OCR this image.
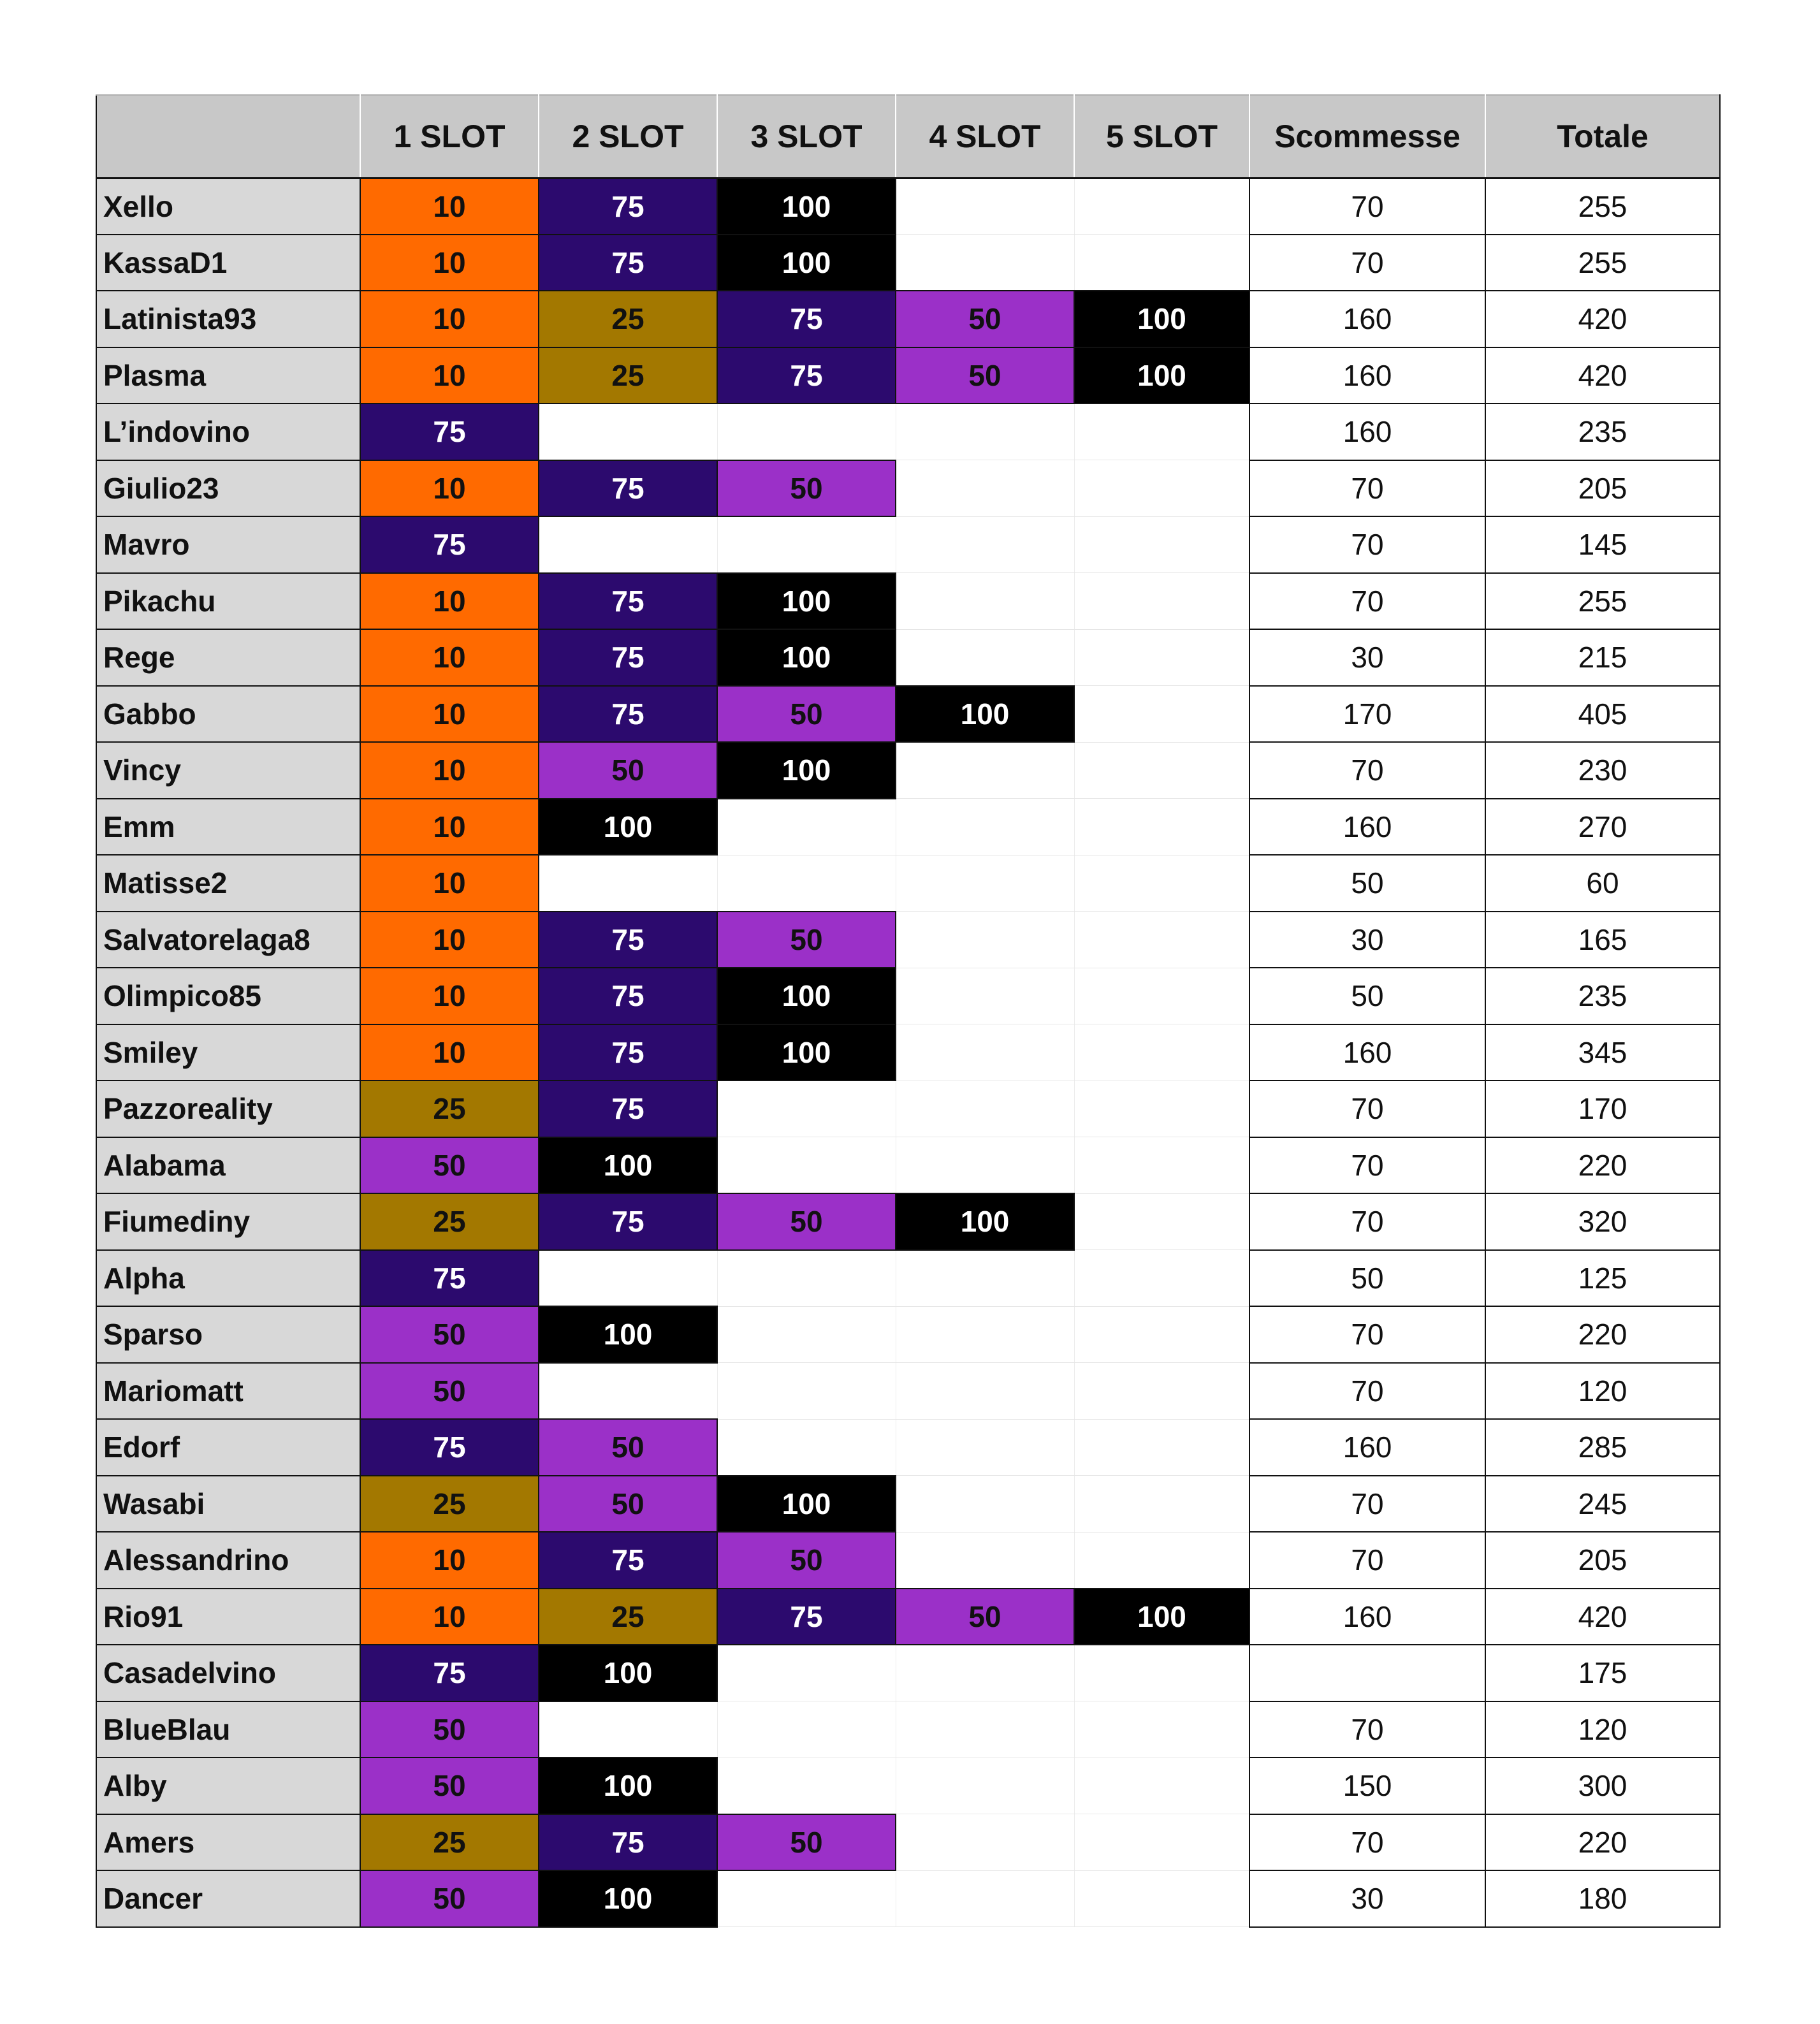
	1 SLOT	2 SLOT	3 SLOT	4 SLOT	5 SLOT	Scommesse	Totale
Xello	10	75	100			70	255
KassaD1	10	75	100			70	255
Latinista93	10	25	75	50	100	160	420
Plasma	10	25	75	50	100	160	420
L’indovino	75					160	235
Giulio23	10	75	50			70	205
Mavro	75					70	145
Pikachu	10	75	100			70	255
Rege	10	75	100			30	215
Gabbo	10	75	50	100		170	405
Vincy	10	50	100			70	230
Emm	10	100				160	270
Matisse2	10					50	60
Salvatorelaga8	10	75	50			30	165
Olimpico85	10	75	100			50	235
Smiley	10	75	100			160	345
Pazzoreality	25	75				70	170
Alabama	50	100				70	220
Fiumediny	25	75	50	100		70	320
Alpha	75					50	125
Sparso	50	100				70	220
Mariomatt	50					70	120
Edorf	75	50				160	285
Wasabi	25	50	100			70	245
Alessandrino	10	75	50			70	205
Rio91	10	25	75	50	100	160	420
Casadelvino	75	100					175
BlueBlau	50					70	120
Alby	50	100				150	300
Amers	25	75	50			70	220
Dancer	50	100				30	180
